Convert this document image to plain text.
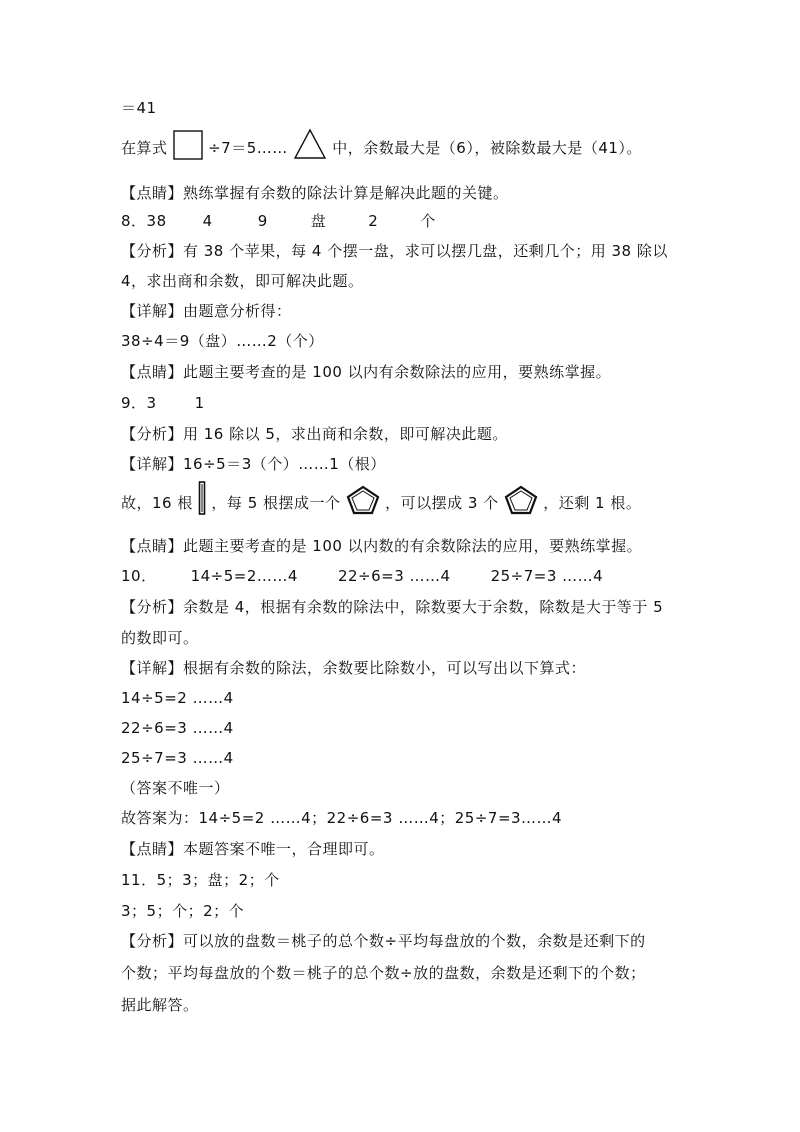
＝41
在算式	÷7＝5……	中，余数最大是（6），被除数最大是（41）。
【点睛】熟练掌握有余数的除法计算是解决此题的关键。
8．38 4	9	盘	2	个
【分析】有 38 个苹果，每 4 个摆一盘，求可以摆几盘，还剩几个；用 38 除以
4，求出商和余数，即可解决此题。
【详解】由题意分析得：
38÷4＝9（盘）……2（个）
【点睛】此题主要考查的是 100 以内有余数除法的应用，要熟练掌握。
9．3	1
【分析】用 16 除以 5，求出商和余数，即可解决此题。
【详解】16÷5＝3（个）……1（根）
故，16 根 ，每 5 根摆成一个	，可以摆成 3 个	，还剩 1 根。
【点睛】此题主要考查的是 100 以内数的有余数除法的应用，要熟练掌握。
10． 14÷5=2……4	22÷6=3 ……4	25÷7=3 ……4
【分析】余数是 4，根据有余数的除法中，除数要大于余数，除数是大于等于 5
的数即可。
【详解】根据有余数的除法，余数要比除数小，可以写出以下算式：
14÷5=2 ……4
22÷6=3 ……4
25÷7=3 ……4
（答案不唯一）
故答案为：14÷5=2 ……4；22÷6=3 ……4；25÷7=3……4
【点睛】本题答案不唯一，合理即可。
11．5；3；盘；2；个
3；5；个；2；个
【分析】可以放的盘数＝桃子的总个数÷平均每盘放的个数，余数是还剩下的
个数；平均每盘放的个数＝桃子的总个数÷放的盘数，余数是还剩下的个数；
据此解答。
